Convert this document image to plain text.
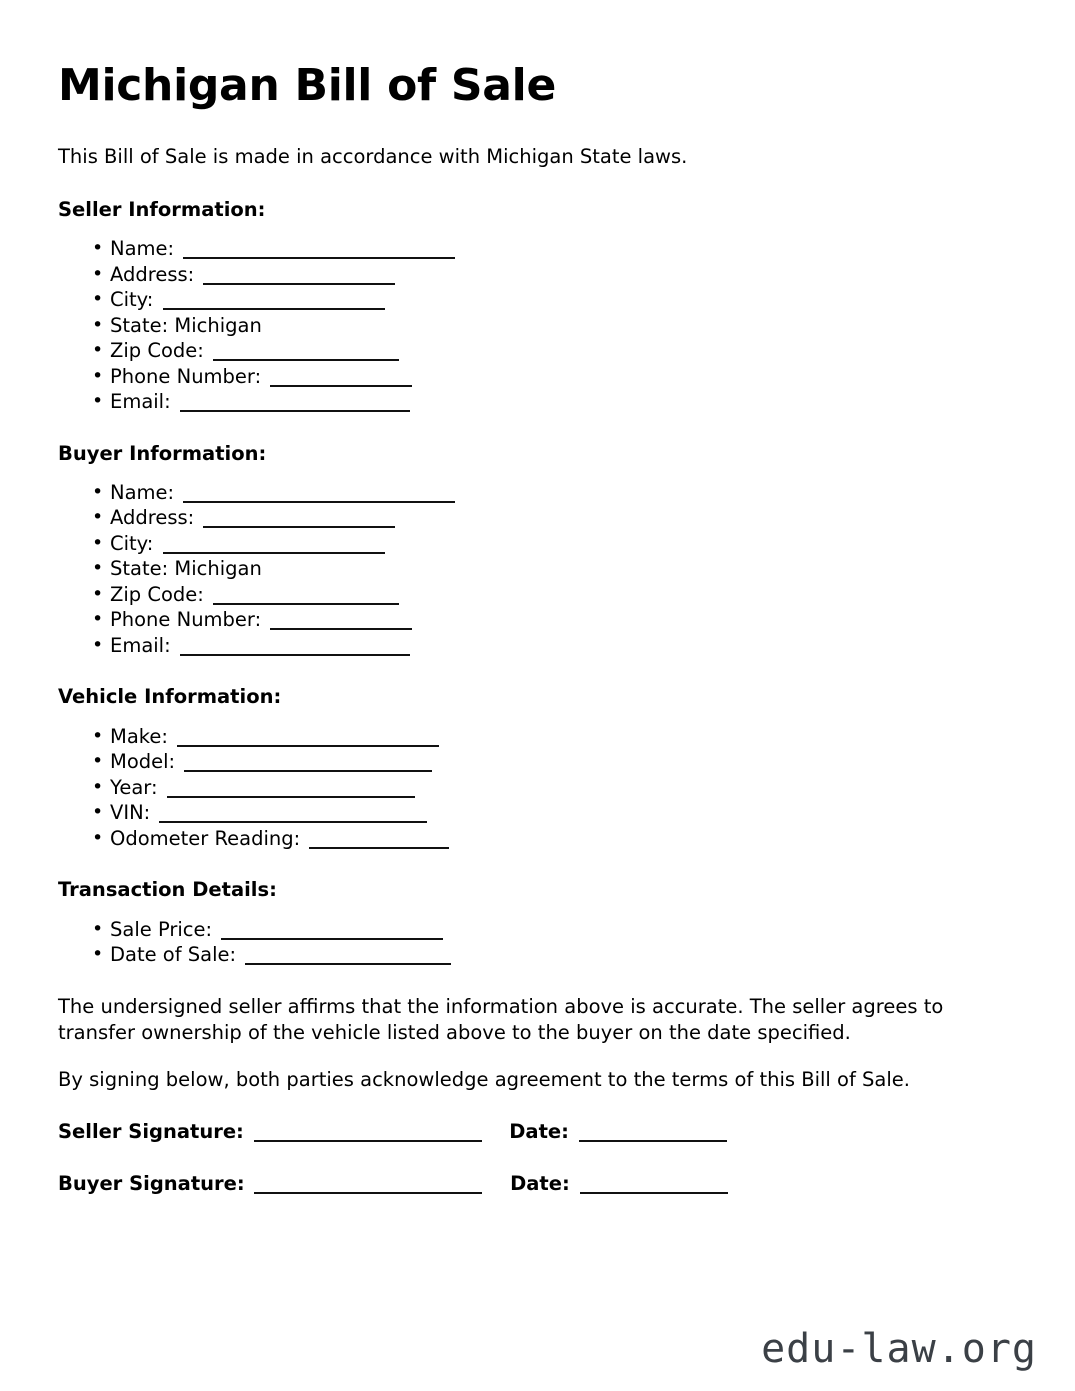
Michigan Bill of Sale

This Bill of Sale is made in accordance with Michigan State laws.

Seller Information:
• Name:
• Address:
• City:
• State: Michigan
• Zip Code:
• Phone Number:
• Email:
Buyer Information:
• Name:
• Address:
• City:
• State: Michigan
• Zip Code:
• Phone Number:
• Email:
Vehicle Information:
• Make:
• Model:
• Year:
• VIN:
• Odometer Reading:
Transaction Details:
• Sale Price:
• Date of Sale:

The undersigned seller affirms that the information above is accurate. The seller agrees to transfer ownership of the vehicle listed above to the buyer on the date specified.

By signing below, both parties acknowledge agreement to the terms of this Bill of Sale.

Seller Signature:	Date:
Buyer Signature:	Date:
edu-law.org
